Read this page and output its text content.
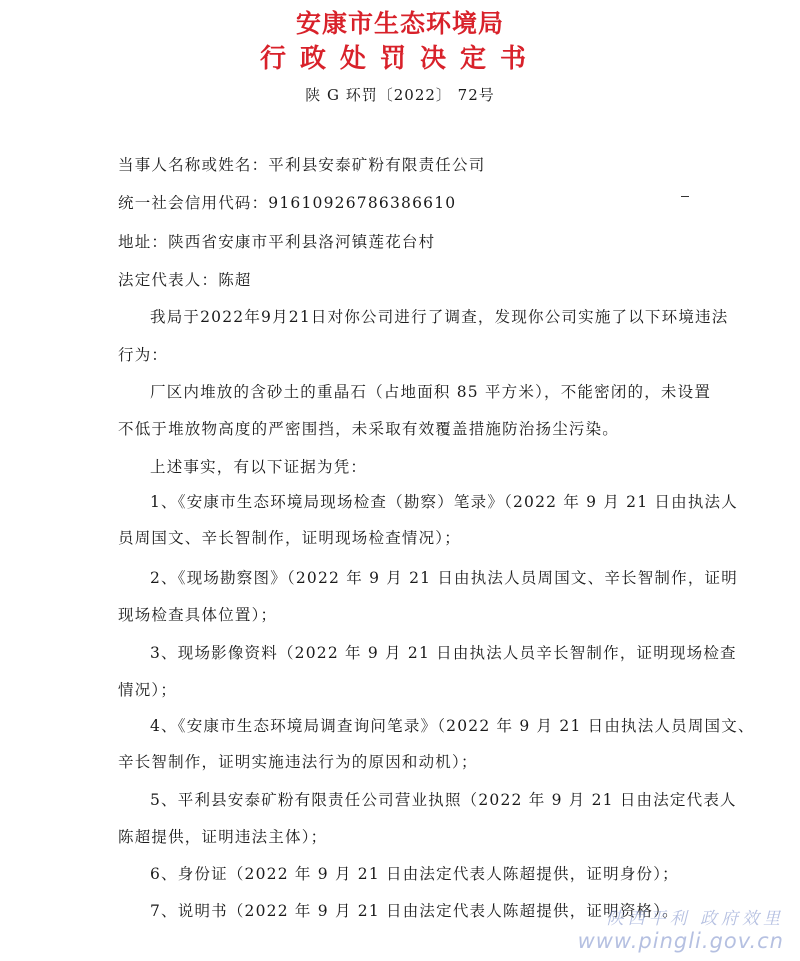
安康市生态环境局
行政处罚决定书
陕 G 环罚〔2022〕 72号
当事人名称或姓名：平利县安泰矿粉有限责任公司
统一社会信用代码：91610926786386610
地址：陕西省安康市平利县洛河镇莲花台村
法定代表人：陈超
我局于2022年9月21日对你公司进行了调查，发现你公司实施了以下环境违法
行为：
厂区内堆放的含砂土的重晶石（占地面积 85 平方米），不能密闭的，未设置
不低于堆放物高度的严密围挡，未采取有效覆盖措施防治扬尘污染。
上述事实，有以下证据为凭：
1、《安康市生态环境局现场检查（勘察）笔录》（2022 年 9 月 21 日由执法人
员周国文、辛长智制作，证明现场检查情况）；
2、《现场勘察图》（2022 年 9 月 21 日由执法人员周国文、辛长智制作，证明
现场检查具体位置）；
3、现场影像资料（2022 年 9 月 21 日由执法人员辛长智制作，证明现场检查
情况）；
4、《安康市生态环境局调查询问笔录》（2022 年 9 月 21 日由执法人员周国文、
辛长智制作，证明实施违法行为的原因和动机）；
5、平利县安泰矿粉有限责任公司营业执照（2022 年 9 月 21 日由法定代表人
陈超提供，证明违法主体）；
6、身份证（2022 年 9 月 21 日由法定代表人陈超提供，证明身份）；
7、说明书（2022 年 9 月 21 日由法定代表人陈超提供，证明资格）。
陕西平利 政府效里
www.pingli.gov.cn
